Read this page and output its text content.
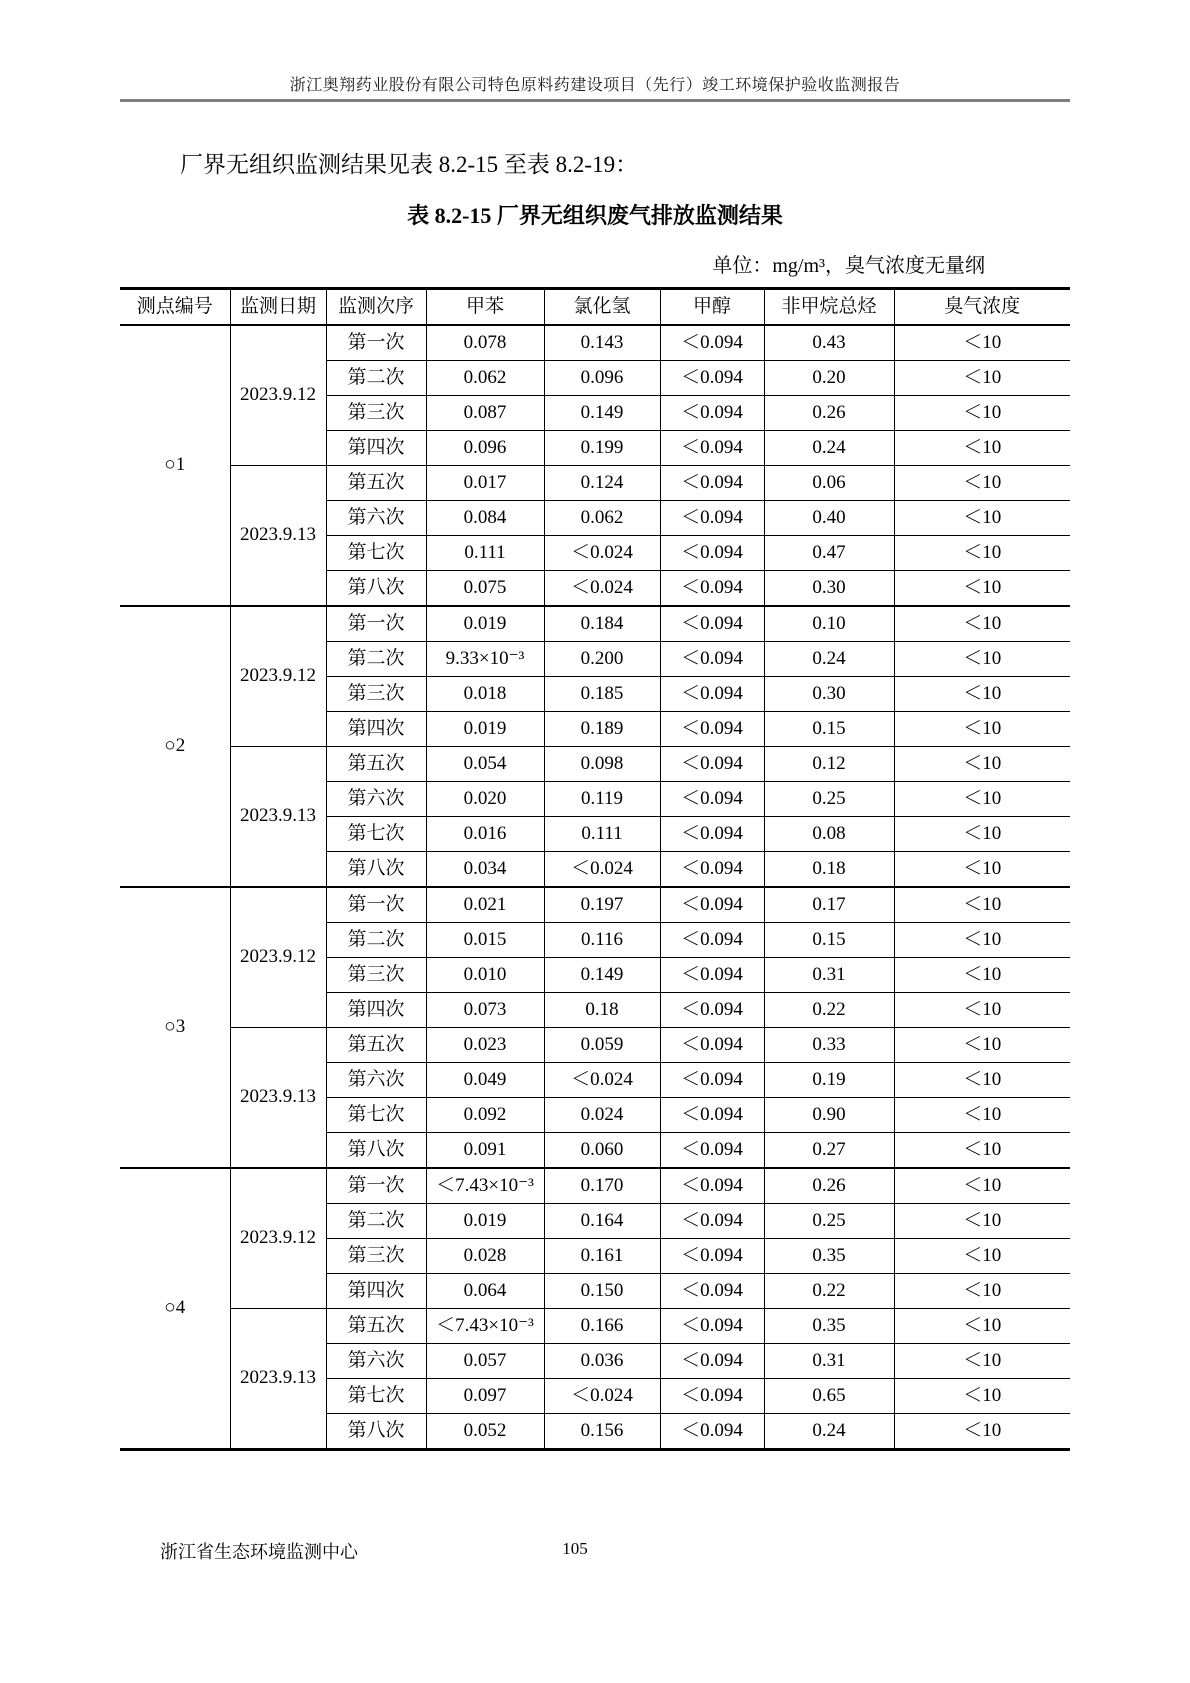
浙江奥翔药业股份有限公司特色原料药建设项目（先行）竣工环境保护验收监测报告
厂界无组织监测结果见表 8.2-15 至表 8.2-19：
表 8.2-15 厂界无组织废气排放监测结果
单位：mg/m³，臭气浓度无量纲
测点编号	监测日期	监测次序	甲苯	氯化氢	甲醇	非甲烷总烃	臭气浓度
○1	2023.9.12	第一次	0.078	0.143	＜0.094	0.43	＜10
		第二次	0.062	0.096	＜0.094	0.20	＜10
		第三次	0.087	0.149	＜0.094	0.26	＜10
		第四次	0.096	0.199	＜0.094	0.24	＜10
	2023.9.13	第五次	0.017	0.124	＜0.094	0.06	＜10
		第六次	0.084	0.062	＜0.094	0.40	＜10
		第七次	0.111	＜0.024	＜0.094	0.47	＜10
		第八次	0.075	＜0.024	＜0.094	0.30	＜10
○2	2023.9.12	第一次	0.019	0.184	＜0.094	0.10	＜10
		第二次	9.33×10⁻³	0.200	＜0.094	0.24	＜10
		第三次	0.018	0.185	＜0.094	0.30	＜10
		第四次	0.019	0.189	＜0.094	0.15	＜10
	2023.9.13	第五次	0.054	0.098	＜0.094	0.12	＜10
		第六次	0.020	0.119	＜0.094	0.25	＜10
		第七次	0.016	0.111	＜0.094	0.08	＜10
		第八次	0.034	＜0.024	＜0.094	0.18	＜10
○3	2023.9.12	第一次	0.021	0.197	＜0.094	0.17	＜10
		第二次	0.015	0.116	＜0.094	0.15	＜10
		第三次	0.010	0.149	＜0.094	0.31	＜10
		第四次	0.073	0.18	＜0.094	0.22	＜10
	2023.9.13	第五次	0.023	0.059	＜0.094	0.33	＜10
		第六次	0.049	＜0.024	＜0.094	0.19	＜10
		第七次	0.092	0.024	＜0.094	0.90	＜10
		第八次	0.091	0.060	＜0.094	0.27	＜10
○4	2023.9.12	第一次	＜7.43×10⁻³	0.170	＜0.094	0.26	＜10
		第二次	0.019	0.164	＜0.094	0.25	＜10
		第三次	0.028	0.161	＜0.094	0.35	＜10
		第四次	0.064	0.150	＜0.094	0.22	＜10
	2023.9.13	第五次	＜7.43×10⁻³	0.166	＜0.094	0.35	＜10
		第六次	0.057	0.036	＜0.094	0.31	＜10
		第七次	0.097	＜0.024	＜0.094	0.65	＜10
		第八次	0.052	0.156	＜0.094	0.24	＜10
浙江省生态环境监测中心	105
